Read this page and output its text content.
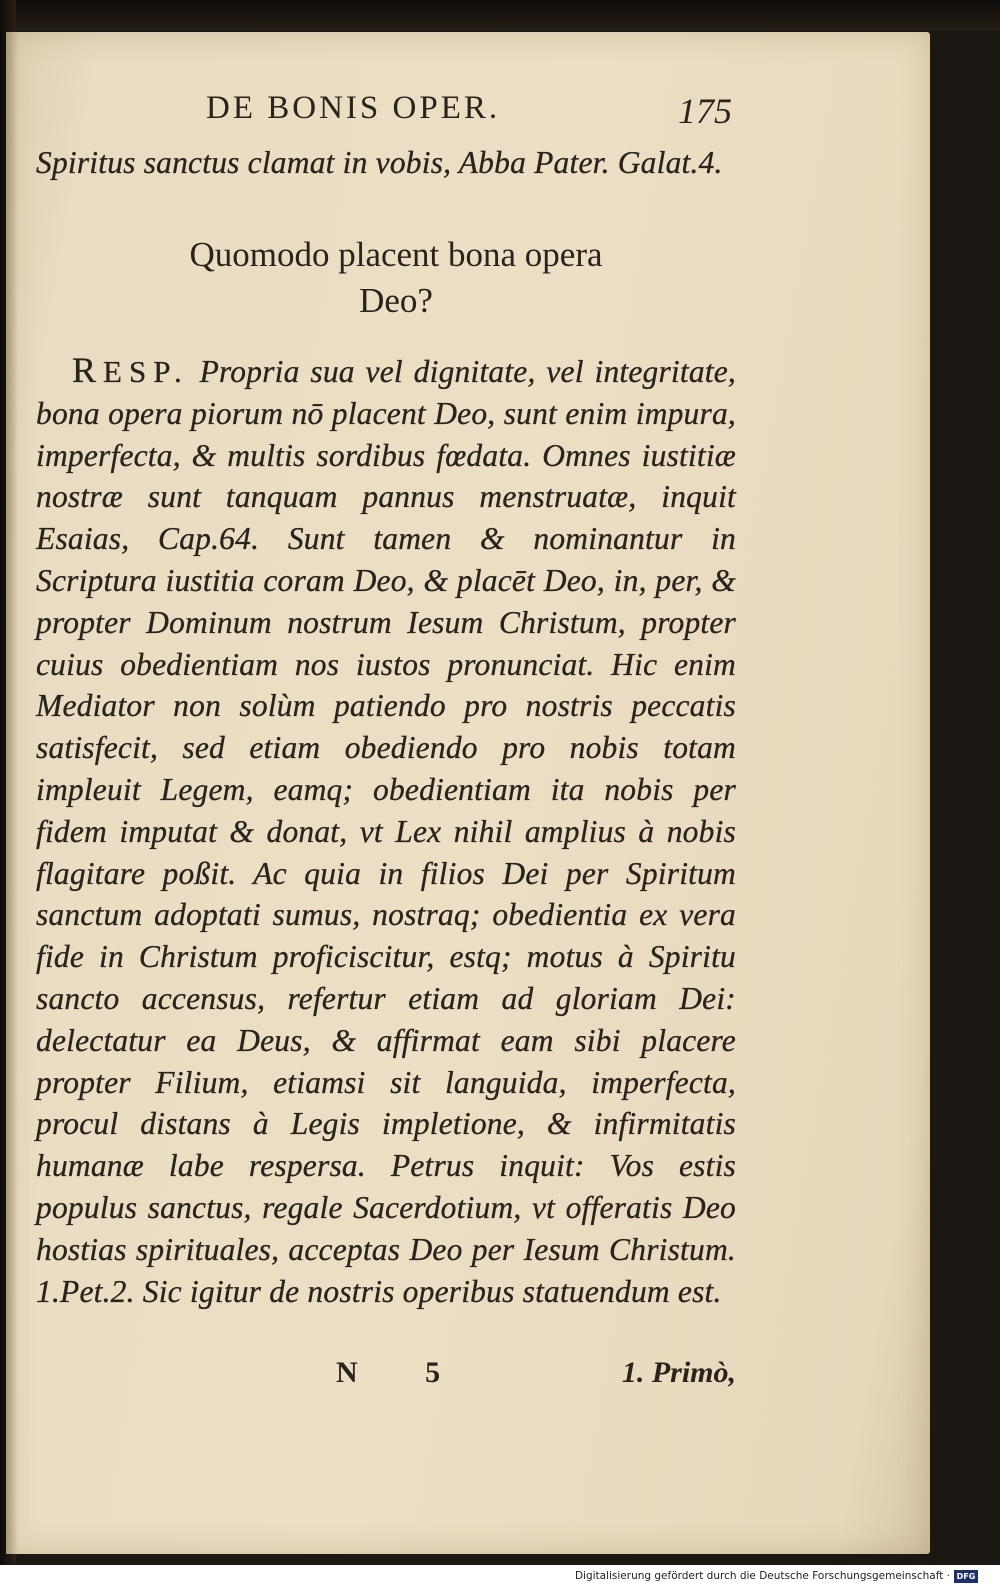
DE BONIS OPER.	175
Spiritus sanctus clamat in vobis, Abba Pater. Galat.4.
Quomodo placent bona opera
Deo?
RESP. Propria sua vel dignitate, vel integritate, bona opera piorum nō placent Deo, sunt enim impura, imperfecta, & multis sordibus fœdata. Omnes iustitiæ nostræ sunt tanquam pannus menstruatæ, inquit Esaias, Cap.64. Sunt tamen & nominantur in Scriptura iustitia coram Deo, & placēt Deo, in, per, & propter Dominum nostrum Iesum Christum, propter cuius obedientiam nos iustos pronunciat. Hic enim Mediator non solùm patiendo pro nostris peccatis satisfecit, sed etiam obediendo pro nobis totam impleuit Legem, eamq; obedientiam ita nobis per fidem imputat & donat, vt Lex nihil amplius à nobis flagitare poßit. Ac quia in filios Dei per Spiritum sanctum adoptati sumus, nostraq; obedientia ex vera fide in Christum proficiscitur, estq; motus à Spiritu sancto accensus, refertur etiam ad gloriam Dei: delectatur ea Deus, & affirmat eam sibi placere propter Filium, etiamsi sit languida, imperfecta, procul distans à Legis impletione, & infirmitatis humanæ labe respersa. Petrus inquit: Vos estis populus sanctus, regale Sacerdotium, vt offeratis Deo hostias spirituales, acceptas Deo per Iesum Christum. 1.Pet.2. Sic igitur de nostris operibus statuendum est.
N 5	1. Primò,
Digitalisierung gefördert durch die Deutsche Forschungsgemeinschaft · DFG
